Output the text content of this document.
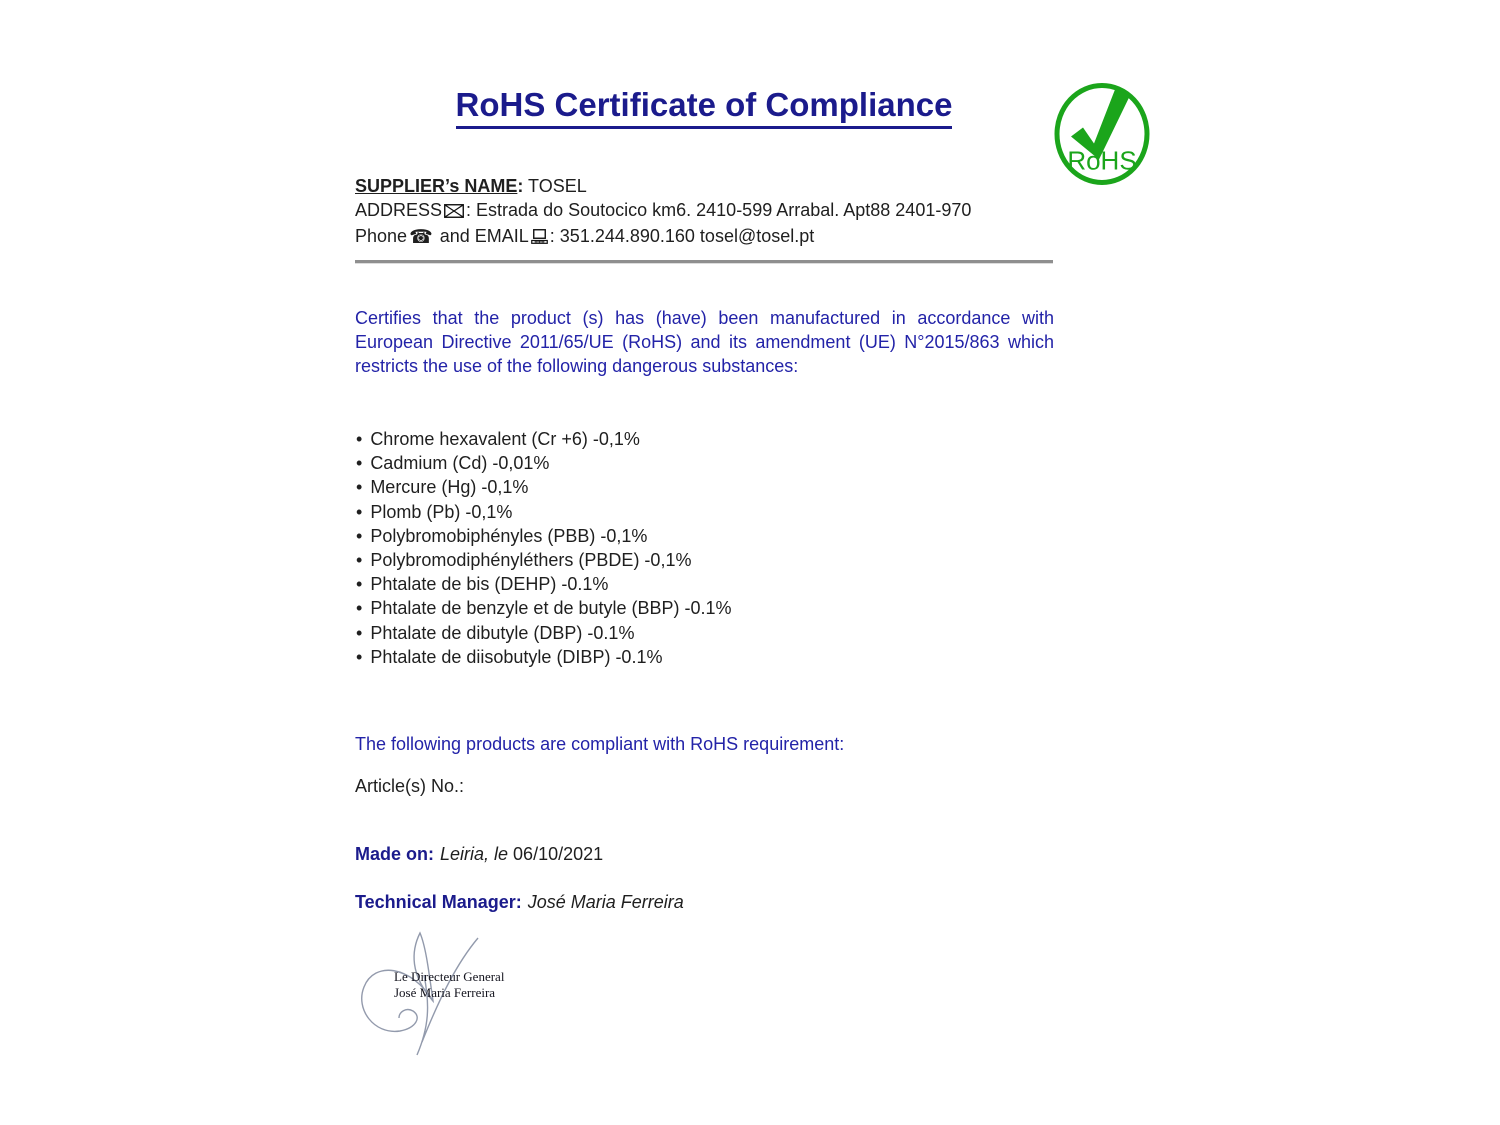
RoHS Certificate of Compliance
RoHS

SUPPLIER’s NAME: TOSEL

ADDRESS : Estrada do Soutocico km6. 2410-599 Arrabal. Apt88 2401-970

Phone ☎ and EMAIL : 351.244.890.160 tosel@tosel.pt

Certifies that the product (s) has (have) been manufactured in accordance with European Directive 2011/65/UE (RoHS) and its amendment (UE) N°2015/863 which restricts the use of the following dangerous substances:

• Chrome hexavalent (Cr +6) -0,1%
• Cadmium (Cd) -0,01%
• Mercure (Hg) -0,1%
• Plomb (Pb) -0,1%
• Polybromobiphényles (PBB) -0,1%
• Polybromodiphényléthers (PBDE) -0,1%
• Phtalate de bis (DEHP) -0.1%
• Phtalate de benzyle et de butyle (BBP) -0.1%
• Phtalate de dibutyle (DBP) -0.1%
• Phtalate de diisobutyle (DIBP) -0.1%

The following products are compliant with RoHS requirement:

Article(s) No.:

Made on: Leiria, le 06/10/2021

Technical Manager: José Maria Ferreira

Le Directeur General
José Maria Ferreira
